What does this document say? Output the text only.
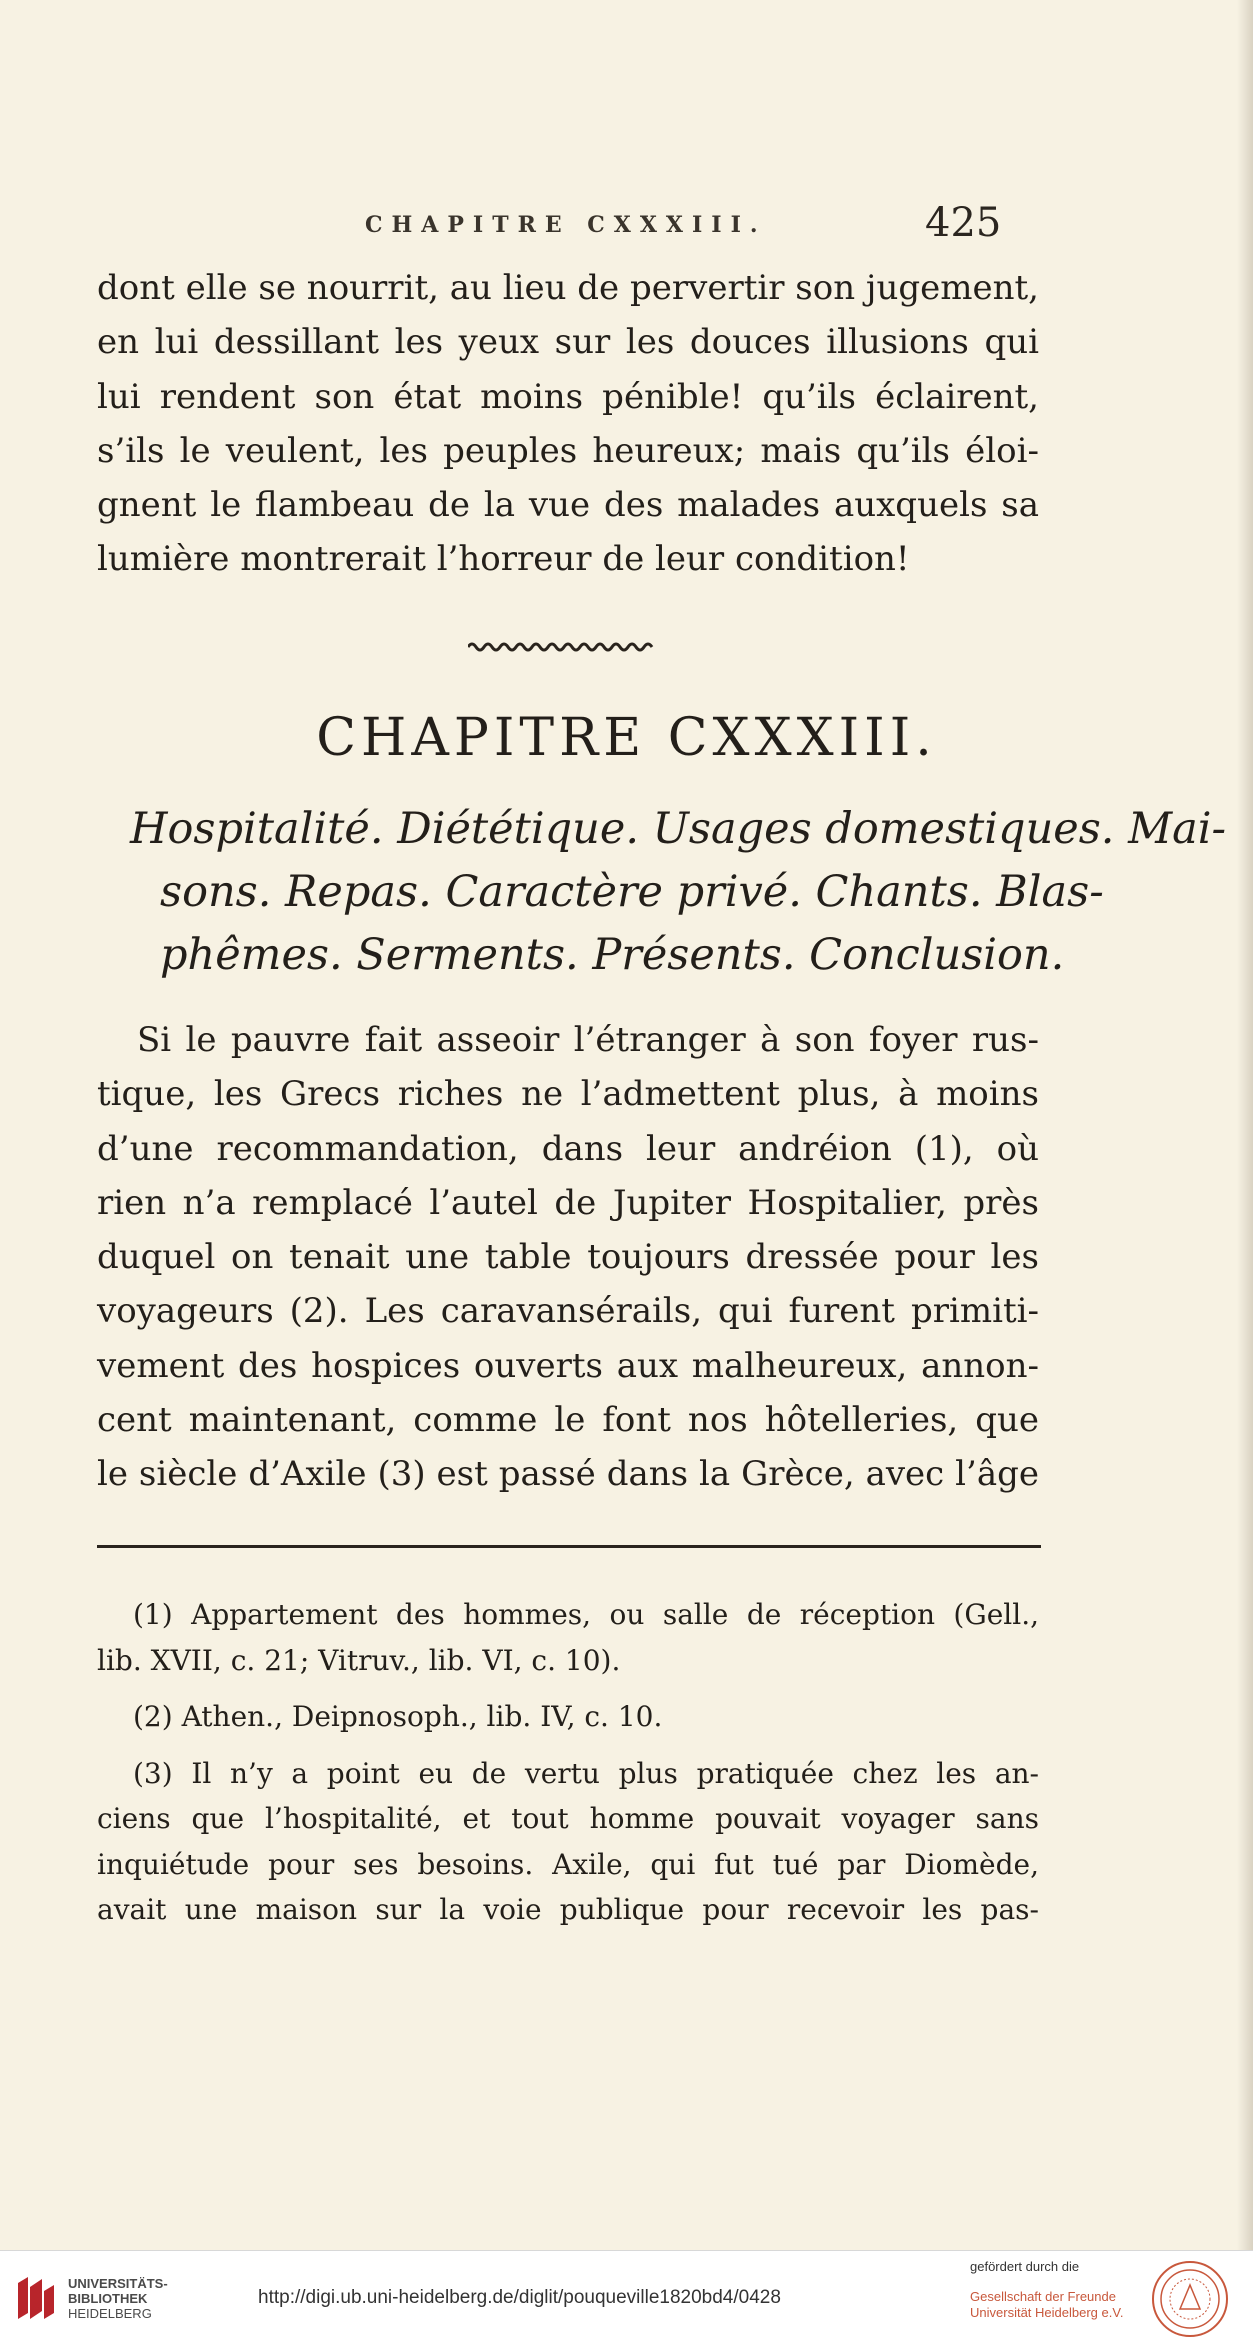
CHAPITRE CXXXIII.	425

dont elle se nourrit, au lieu de pervertir son jugement,
en lui dessillant les yeux sur les douces illusions qui
lui rendent son état moins pénible! qu’ils éclairent,
s’ils le veulent, les peuples heureux; mais qu’ils éloi-
gnent le flambeau de la vue des malades auxquels sa
lumière montrerait l’horreur de leur condition!

CHAPITRE CXXXIII.

Hospitalité. Diététique. Usages domestiques. Mai-
sons. Repas. Caractère privé. Chants. Blas-
phêmes. Serments. Présents. Conclusion.

Si le pauvre fait asseoir l’étranger à son foyer rus-
tique, les Grecs riches ne l’admettent plus, à moins
d’une recommandation, dans leur andréion (1), où
rien n’a remplacé l’autel de Jupiter Hospitalier, près
duquel on tenait une table toujours dressée pour les
voyageurs (2). Les caravansérails, qui furent primiti-
vement des hospices ouverts aux malheureux, annon-
cent maintenant, comme le font nos hôtelleries, que
le siècle d’Axile (3) est passé dans la Grèce, avec l’âge

(1) Appartement des hommes, ou salle de réception (Gell.,
lib. XVII, c. 21; Vitruv., lib. VI, c. 10).

(2) Athen., Deipnosoph., lib. IV, c. 10.

(3) Il n’y a point eu de vertu plus pratiquée chez les an-
ciens que l’hospitalité, et tout homme pouvait voyager sans
inquiétude pour ses besoins. Axile, qui fut tué par Diomède,
avait une maison sur la voie publique pour recevoir les pas-

UNIVERSITÄTS-
BIBLIOTHEK
HEIDELBERG
http://digi.ub.uni-heidelberg.de/diglit/pouqueville1820bd4/0428
gefördert durch die
Gesellschaft der Freunde
Universität Heidelberg e.V.
